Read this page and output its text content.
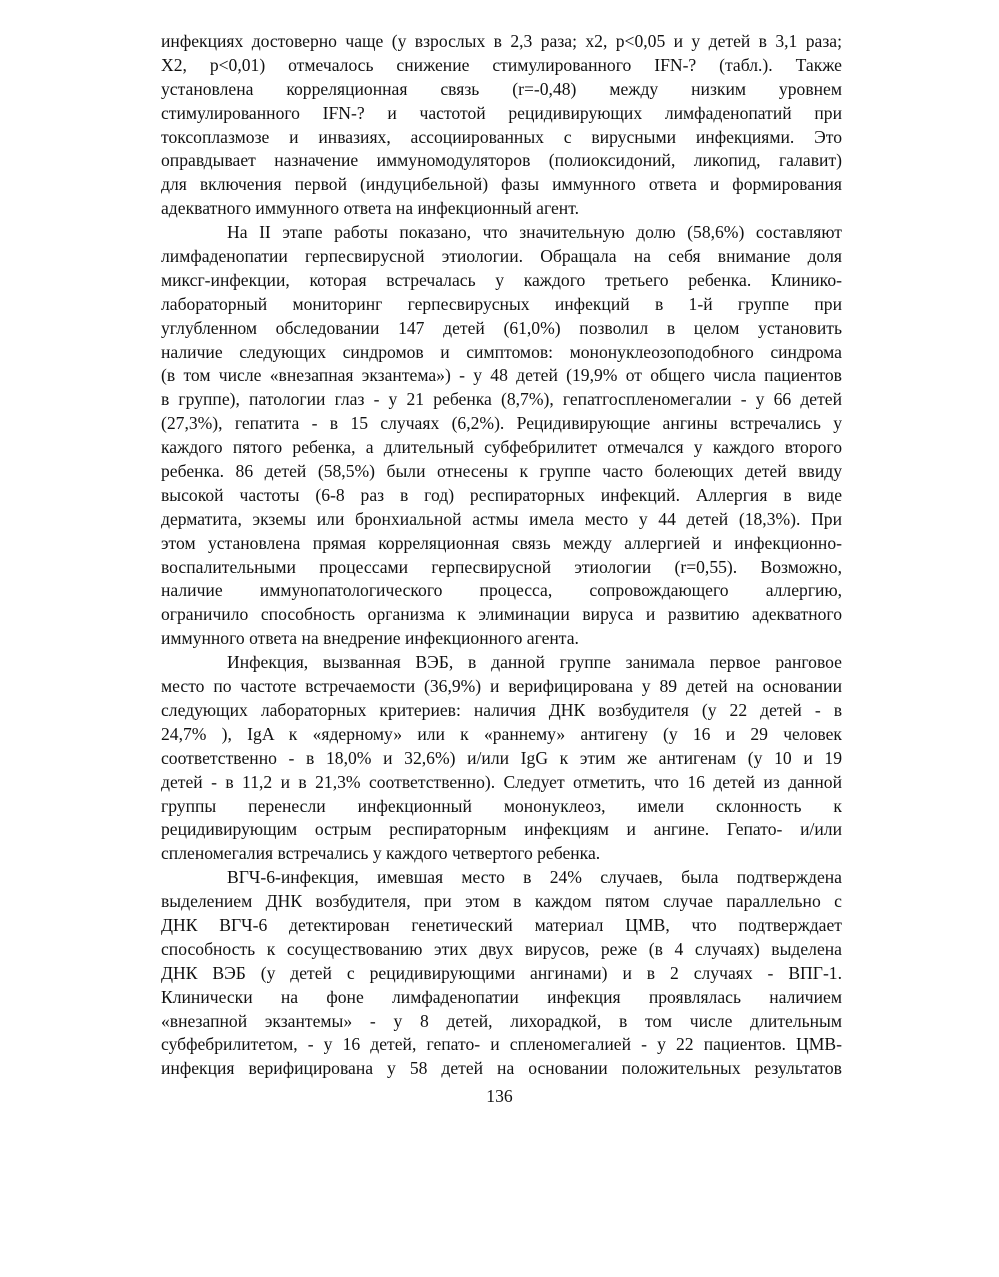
инфекциях достоверно чаще (у взрослых в 2,3 раза; x2, p<0,05 и у детей в 3,1 раза;
X2, p<0,01) отмечалось снижение стимулированного IFN-? (табл.). Также
установлена корреляционная связь (r=-0,48) между низким уровнем
стимулированного IFN-? и частотой рецидивирующих лимфаденопатий при
токсоплазмозе и инвазиях, ассоциированных с вирусными инфекциями. Это
оправдывает назначение иммуномодуляторов (полиоксидоний, ликопид, галавит)
для включения первой (индуцибельной) фазы иммунного ответа и формирования
адекватного иммунного ответа на инфекционный агент.
На II этапе работы показано, что значительную долю (58,6%) составляют
лимфаденопатии герпесвирусной этиологии. Обращала на себя внимание доля
миксг-инфекции, которая встречалась у каждого третьего ребенка. Клинико-
лабораторный мониторинг герпесвирусных инфекций в 1-й группе при
углубленном обследовании 147 детей (61,0%) позволил в целом установить
наличие следующих синдромов и симптомов: мононуклеозоподобного синдрома
(в том числе «внезапная экзантема») - у 48 детей (19,9% от общего числа пациентов
в группе), патологии глаз - у 21 ребенка (8,7%), гепатгоспленомегалии - у 66 детей
(27,3%), гепатита - в 15 случаях (6,2%). Рецидивирующие ангины встречались у
каждого пятого ребенка, а длительный субфебрилитет отмечался у каждого второго
ребенка. 86 детей (58,5%) были отнесены к группе часто болеющих детей ввиду
высокой частоты (6-8 раз в год) респираторных инфекций. Аллергия в виде
дерматита, экземы или бронхиальной астмы имела место у 44 детей (18,3%). При
этом установлена прямая корреляционная связь между аллергией и инфекционно-
воспалительными процессами герпесвирусной этиологии (r=0,55). Возможно,
наличие иммунопатологического процесса, сопровождающего аллергию,
ограничило способность организма к элиминации вируса и развитию адекватного
иммунного ответа на внедрение инфекционного агента.
Инфекция, вызванная ВЭБ, в данной группе занимала первое ранговое
место по частоте встречаемости (36,9%) и верифицирована у 89 детей на основании
следующих лабораторных критериев: наличия ДНК возбудителя (у 22 детей - в
24,7% ), IgA к «ядерному» или к «раннему» антигену (у 16 и 29 человек
соответственно - в 18,0% и 32,6%) и/или IgG к этим же антигенам (у 10 и 19
детей - в 11,2 и в 21,3% соответственно). Следует отметить, что 16 детей из данной
группы перенесли инфекционный мононуклеоз, имели склонность к
рецидивирующим острым респираторным инфекциям и ангине. Гепато- и/или
спленомегалия встречались у каждого четвертого ребенка.
ВГЧ-6-инфекция, имевшая место в 24% случаев, была подтверждена
выделением ДНК возбудителя, при этом в каждом пятом случае параллельно с
ДНК ВГЧ-6 детектирован генетический материал ЦМВ, что подтверждает
способность к сосуществованию этих двух вирусов, реже (в 4 случаях) выделена
ДНК ВЭБ (у детей с рецидивирующими ангинами) и в 2 случаях - ВПГ-1.
Клинически на фоне лимфаденопатии инфекция проявлялась наличием
«внезапной экзантемы» - у 8 детей, лихорадкой, в том числе длительным
субфебрилитетом, - у 16 детей, гепато- и спленомегалией - у 22 пациентов. ЦМВ-
инфекция верифицирована у 58 детей на основании положительных результатов
136
